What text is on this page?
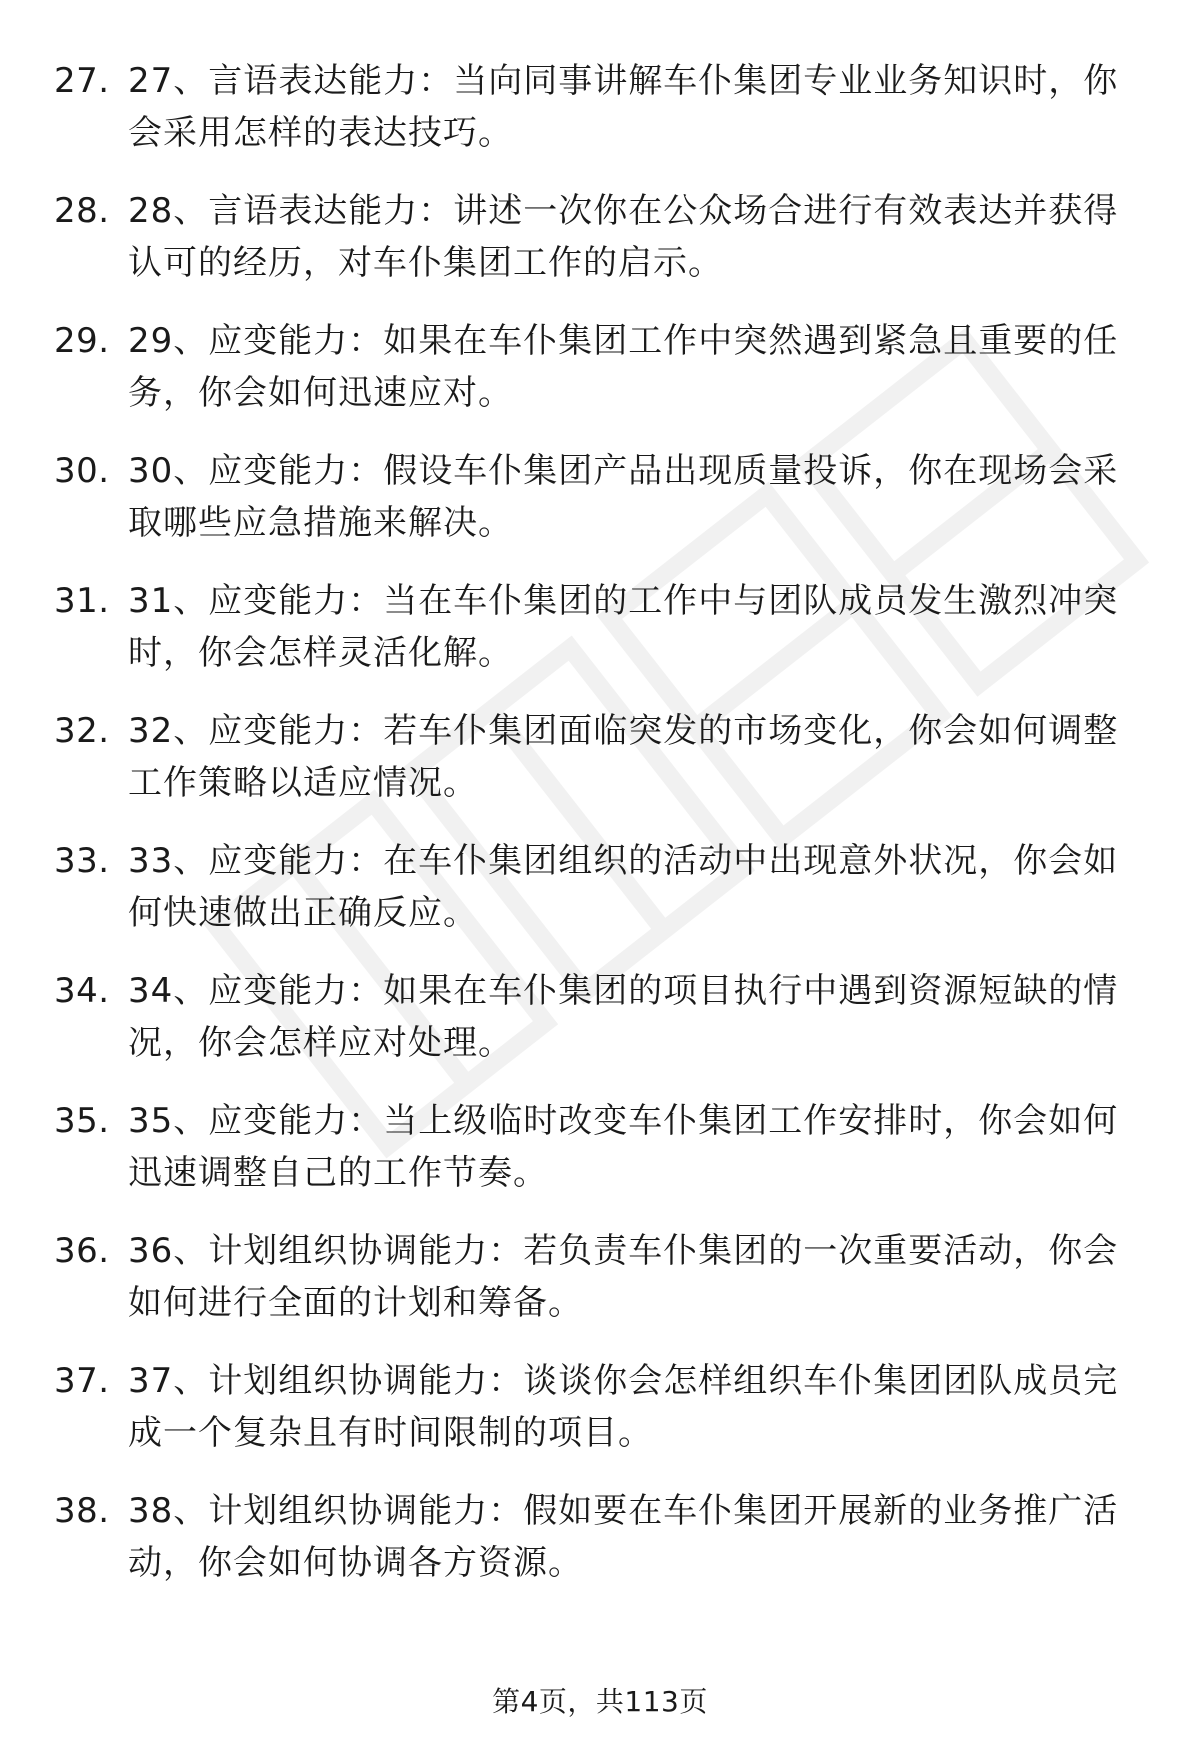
27. 27、言语表达能力：当向同事讲解车仆集团专业业务知识时，你会采用怎样的表达技巧。
28. 28、言语表达能力：讲述一次你在公众场合进行有效表达并获得认可的经历，对车仆集团工作的启示。
29. 29、应变能力：如果在车仆集团工作中突然遇到紧急且重要的任务，你会如何迅速应对。
30. 30、应变能力：假设车仆集团产品出现质量投诉，你在现场会采取哪些应急措施来解决。
31. 31、应变能力：当在车仆集团的工作中与团队成员发生激烈冲突时，你会怎样灵活化解。
32. 32、应变能力：若车仆集团面临突发的市场变化，你会如何调整工作策略以适应情况。
33. 33、应变能力：在车仆集团组织的活动中出现意外状况，你会如何快速做出正确反应。
34. 34、应变能力：如果在车仆集团的项目执行中遇到资源短缺的情况，你会怎样应对处理。
35. 35、应变能力：当上级临时改变车仆集团工作安排时，你会如何迅速调整自己的工作节奏。
36. 36、计划组织协调能力：若负责车仆集团的一次重要活动，你会如何进行全面的计划和筹备。
37. 37、计划组织协调能力：谈谈你会怎样组织车仆集团团队成员完成一个复杂且有时间限制的项目。
38. 38、计划组织协调能力：假如要在车仆集团开展新的业务推广活动，你会如何协调各方资源。
第4页，共113页
